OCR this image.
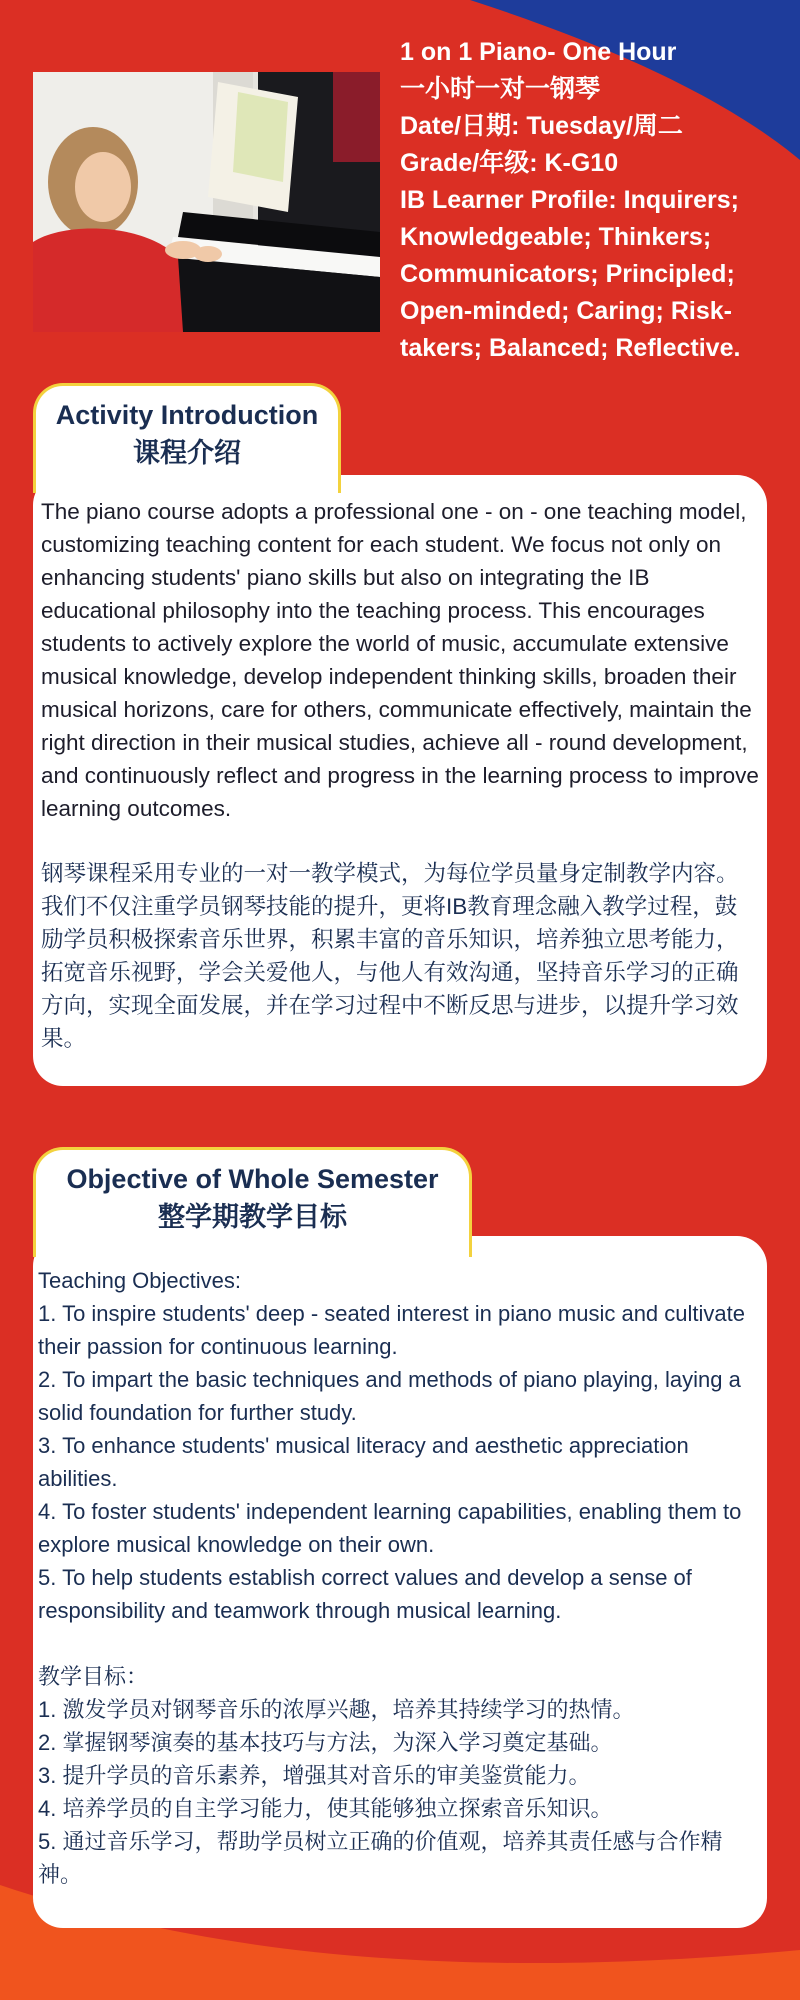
1 on 1 Piano- One Hour
一小时一对一钢琴
Date/日期: Tuesday/周二
Grade/年级: K-G10
IB Learner Profile: Inquirers; Knowledgeable; Thinkers; Communicators; Principled; Open-minded; Caring; Risk-takers; Balanced; Reflective.

The piano course adopts a professional one - on - one teaching model, customizing teaching content for each student. We focus not only on enhancing students' piano skills but also on integrating the IB educational philosophy into the teaching process. This encourages students to actively explore the world of music, accumulate extensive musical knowledge, develop independent thinking skills, broaden their musical horizons, care for others, communicate effectively, maintain the right direction in their musical studies, achieve all - round development, and continuously reflect and progress in the learning process to improve learning outcomes.

钢琴课程采用专业的一对一教学模式，为每位学员量身定制教学内容。我们不仅注重学员钢琴技能的提升，更将IB教育理念融入教学过程，鼓励学员积极探索音乐世界，积累丰富的音乐知识，培养独立思考能力，拓宽音乐视野，学会关爱他人，与他人有效沟通，坚持音乐学习的正确方向，实现全面发展，并在学习过程中不断反思与进步，以提升学习效果。

Activity Introduction
课程介绍
Teaching Objectives:
1. To inspire students' deep - seated interest in piano music and cultivate their passion for continuous learning.
2. To impart the basic techniques and methods of piano playing, laying a solid foundation for further study.
3. To enhance students' musical literacy and aesthetic appreciation abilities.
4. To foster students' independent learning capabilities, enabling them to explore musical knowledge on their own.
5. To help students establish correct values and develop a sense of responsibility and teamwork through musical learning.
教学目标：
1. 激发学员对钢琴音乐的浓厚兴趣，培养其持续学习的热情。
2. 掌握钢琴演奏的基本技巧与方法，为深入学习奠定基础。
3. 提升学员的音乐素养，增强其对音乐的审美鉴赏能力。
4. 培养学员的自主学习能力，使其能够独立探索音乐知识。
5. 通过音乐学习，帮助学员树立正确的价值观，培养其责任感与合作精神。
Objective of Whole Semester
整学期教学目标
